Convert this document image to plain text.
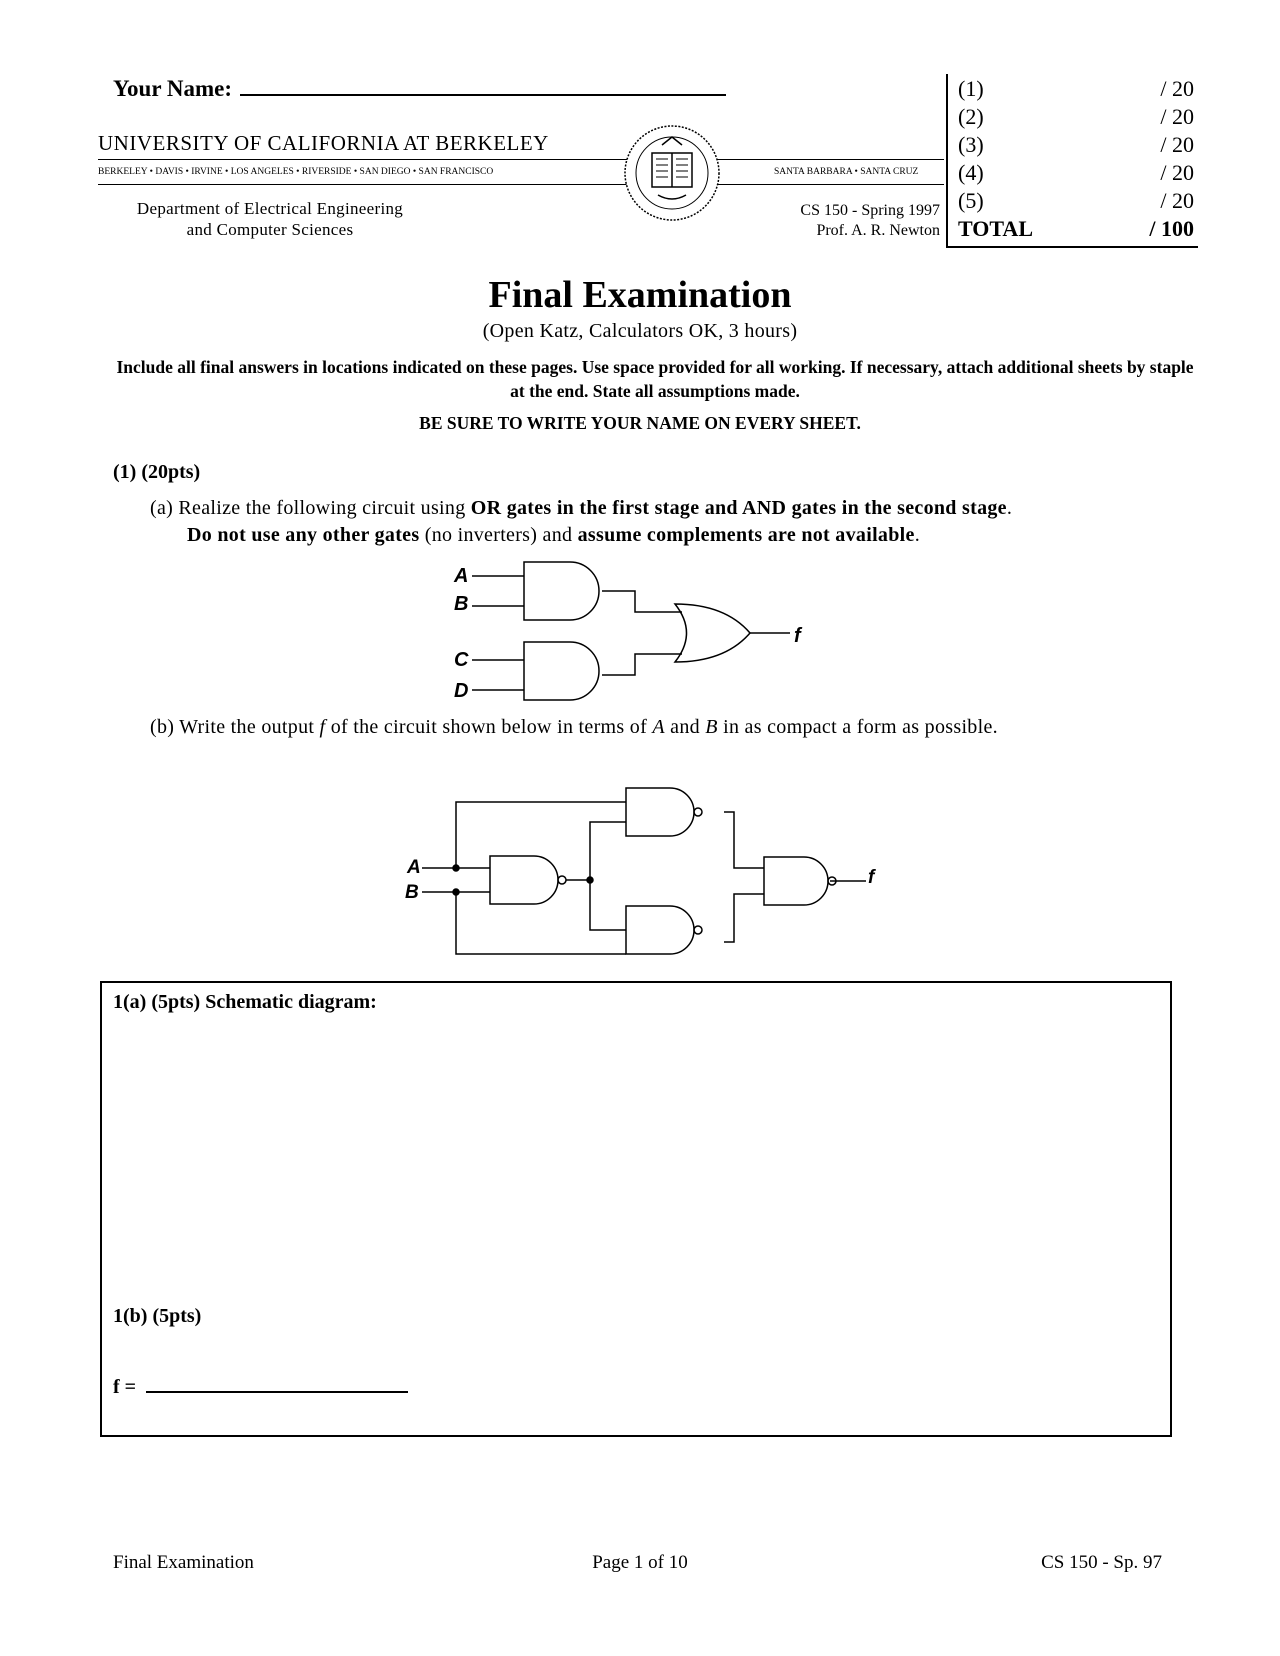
Your Name:
UNIVERSITY OF CALIFORNIA AT BERKELEY
BERKELEY • DAVIS • IRVINE • LOS ANGELES • RIVERSIDE • SAN DIEGO • SAN FRANCISCO	SANTA BARBARA • SANTA CRUZ
Department of Electrical Engineering
and Computer Sciences
CS 150 - Spring 1997
Prof. A. R. Newton
(1)	/ 20
(2)	/ 20
(3)	/ 20
(4)	/ 20
(5)	/ 20
TOTAL	/ 100
Final Examination
(Open Katz, Calculators OK, 3 hours)
Include all final answers in locations indicated on these pages. Use space provided for all working. If necessary, attach additional sheets by staple at the end. State all assumptions made.
BE SURE TO WRITE YOUR NAME ON EVERY SHEET.
(1) (20pts)
(a) Realize the following circuit using OR gates in the first stage and AND gates in the second stage.
Do not use any other gates (no inverters) and assume complements are not available.
A
B
C
D
f
(b) Write the output f of the circuit shown below in terms of A and B in as compact a form as possible.
A
B
f
1(a) (5pts) Schematic diagram:
1(b) (5pts)
f =
Final Examination	Page 1 of 10	CS 150 - Sp. 97
